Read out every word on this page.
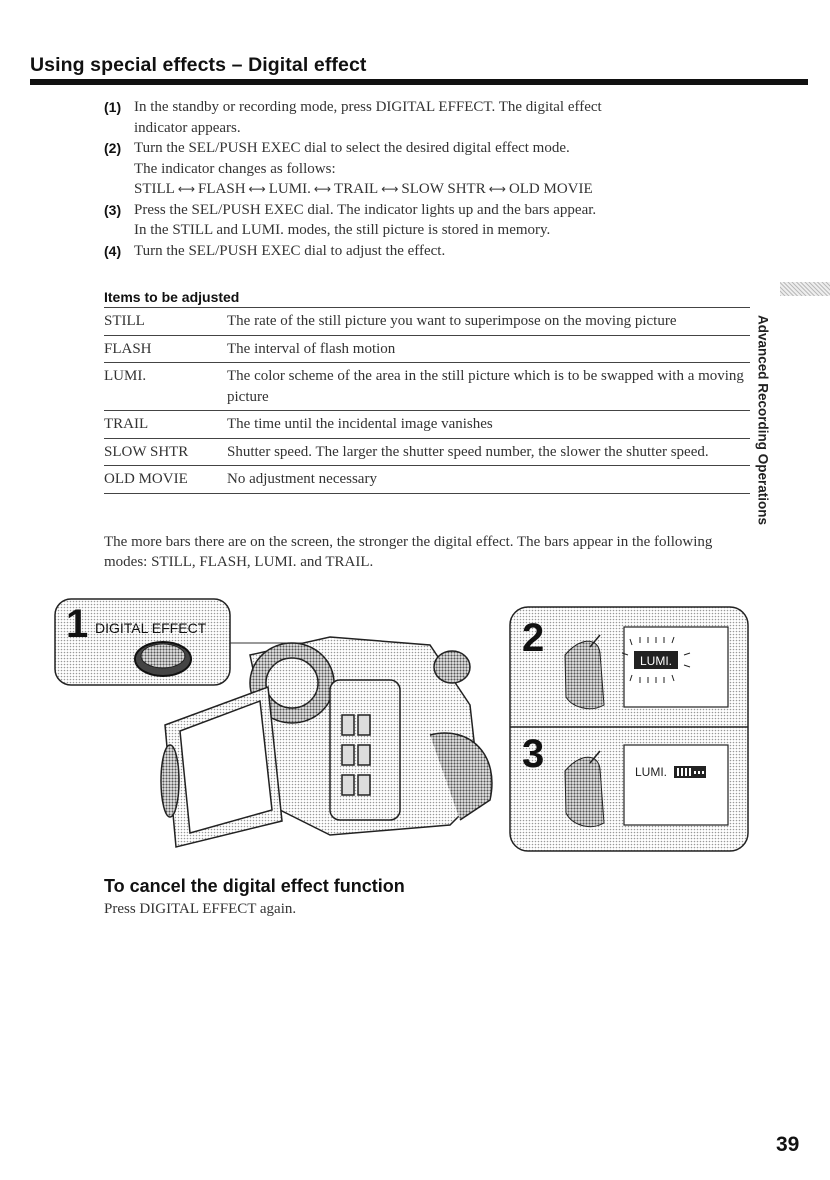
Using special effects – Digital effect
(1) In the standby or recording mode, press DIGITAL EFFECT. The digital effect
indicator appears.
(2) Turn the SEL/PUSH EXEC dial to select the desired digital effect mode.
The indicator changes as follows:
STILL ⟷ FLASH ⟷ LUMI. ⟷ TRAIL ⟷ SLOW SHTR ⟷ OLD MOVIE
(3) Press the SEL/PUSH EXEC dial. The indicator lights up and the bars appear.
In the STILL and LUMI. modes, the still picture is stored in memory.
(4) Turn the SEL/PUSH EXEC dial to adjust the effect.
Items to be adjusted
STILL	The rate of the still picture you want to superimpose on the moving picture
FLASH	The interval of flash motion
LUMI.	The color scheme of the area in the still picture which is to be swapped with a moving picture
TRAIL	The time until the incidental image vanishes
SLOW SHTR	Shutter speed. The larger the shutter speed number, the slower the shutter speed.
OLD MOVIE	No adjustment necessary
The more bars there are on the screen, the stronger the digital effect. The bars appear in the following modes: STILL, FLASH, LUMI. and TRAIL.
Advanced Recording Operations
1 DIGITAL EFFECT	2
3
LUMI.
LUMI.
To cancel the digital effect function
Press DIGITAL EFFECT again.
39
